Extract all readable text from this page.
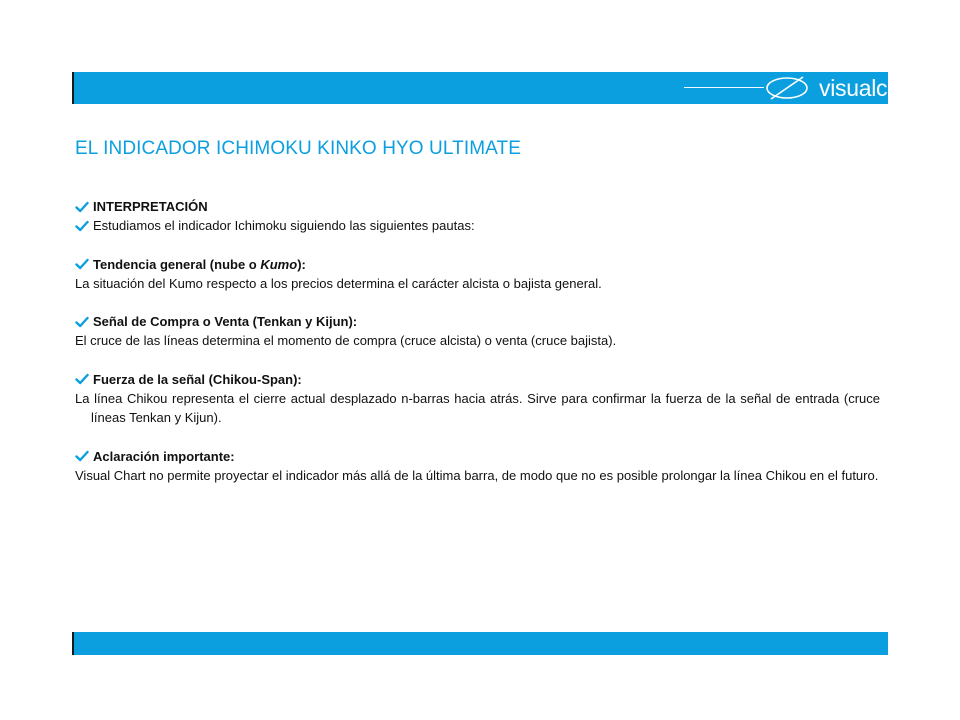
visualchart
EL INDICADOR ICHIMOKU KINKO HYO ULTIMATE
INTERPRETACIÓN
Estudiamos el indicador Ichimoku siguiendo las siguientes pautas:
Tendencia general (nube o Kumo):

La situación del Kumo respecto a los precios determina el carácter alcista o bajista general.

Señal de Compra o Venta (Tenkan y Kijun):

El cruce de las líneas determina el momento de compra (cruce alcista) o venta (cruce bajista).

Fuerza de la señal (Chikou-Span):

La línea Chikou representa el cierre actual desplazado n-barras hacia atrás. Sirve para confirmar la fuerza de la señal de entrada (cruce líneas Tenkan y Kijun).

Aclaración importante:

Visual Chart no permite proyectar el indicador más allá de la última barra, de modo que no es posible prolongar la línea Chikou en el futuro.
